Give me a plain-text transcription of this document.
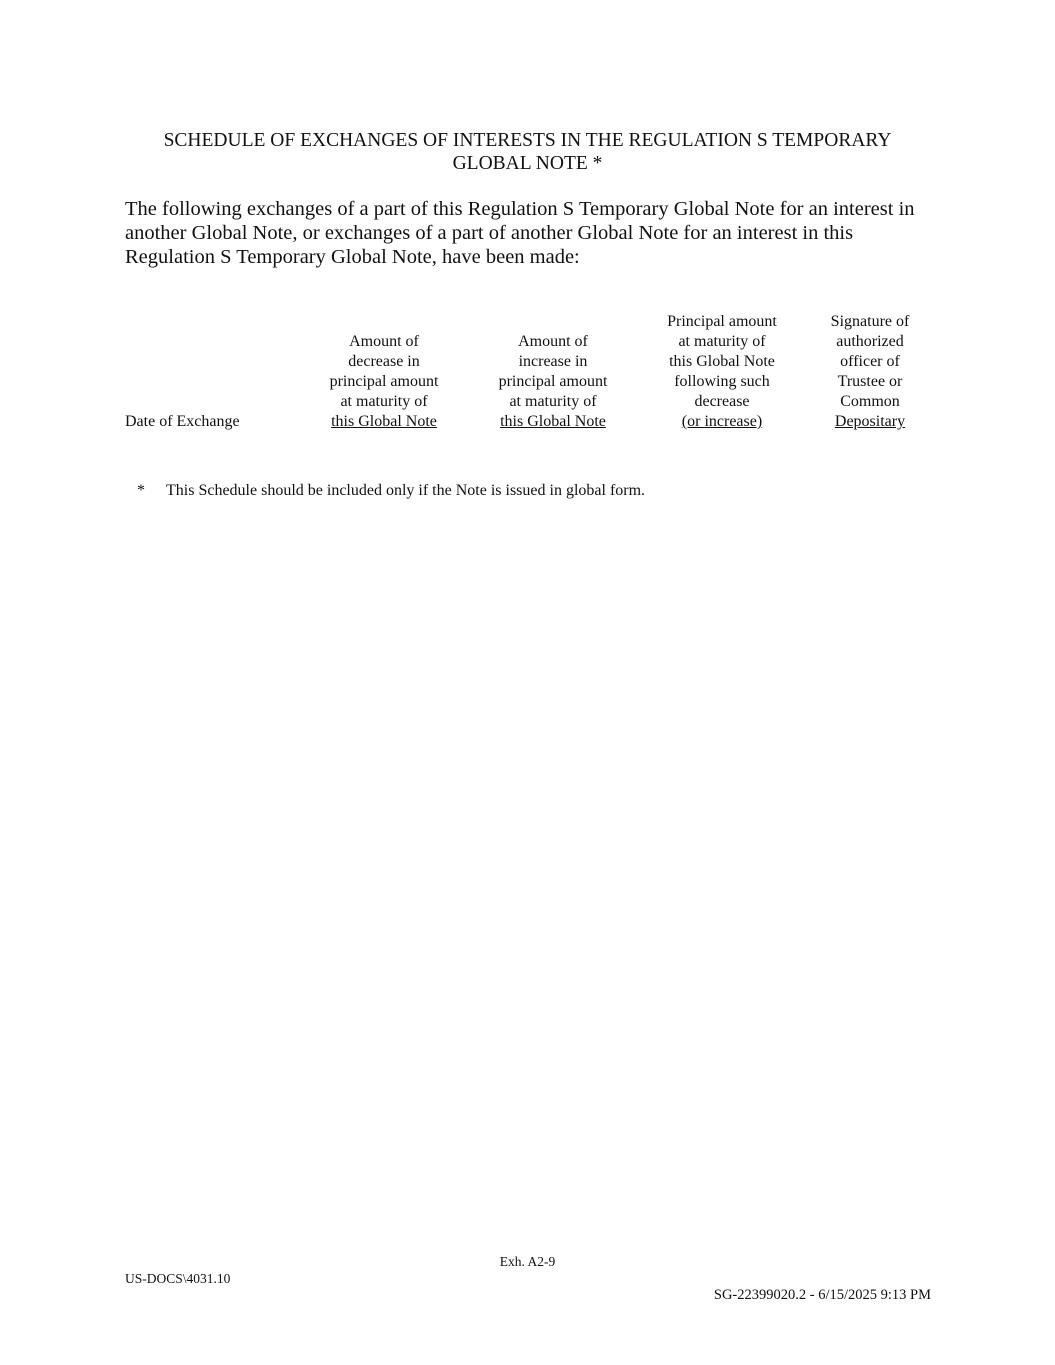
SCHEDULE OF EXCHANGES OF INTERESTS IN THE REGULATION S TEMPORARY
GLOBAL NOTE *
The following exchanges of a part of this Regulation S Temporary Global Note for an interest in another Global Note, or exchanges of a part of another Global Note for an interest in this Regulation S Temporary Global Note, have been made:
Date of Exchange
Amount of
decrease in
principal amount
at maturity of
this Global Note
Amount of
increase in
principal amount
at maturity of
this Global Note
Principal amount
at maturity of
this Global Note
following such
decrease
(or increase)
Signature of
authorized
officer of
Trustee or
Common
Depositary
* This Schedule should be included only if the Note is issued in global form.
Exh. A2-9
US-DOCS\4031.10
SG-22399020.2 - 6/15/2025 9:13 PM
